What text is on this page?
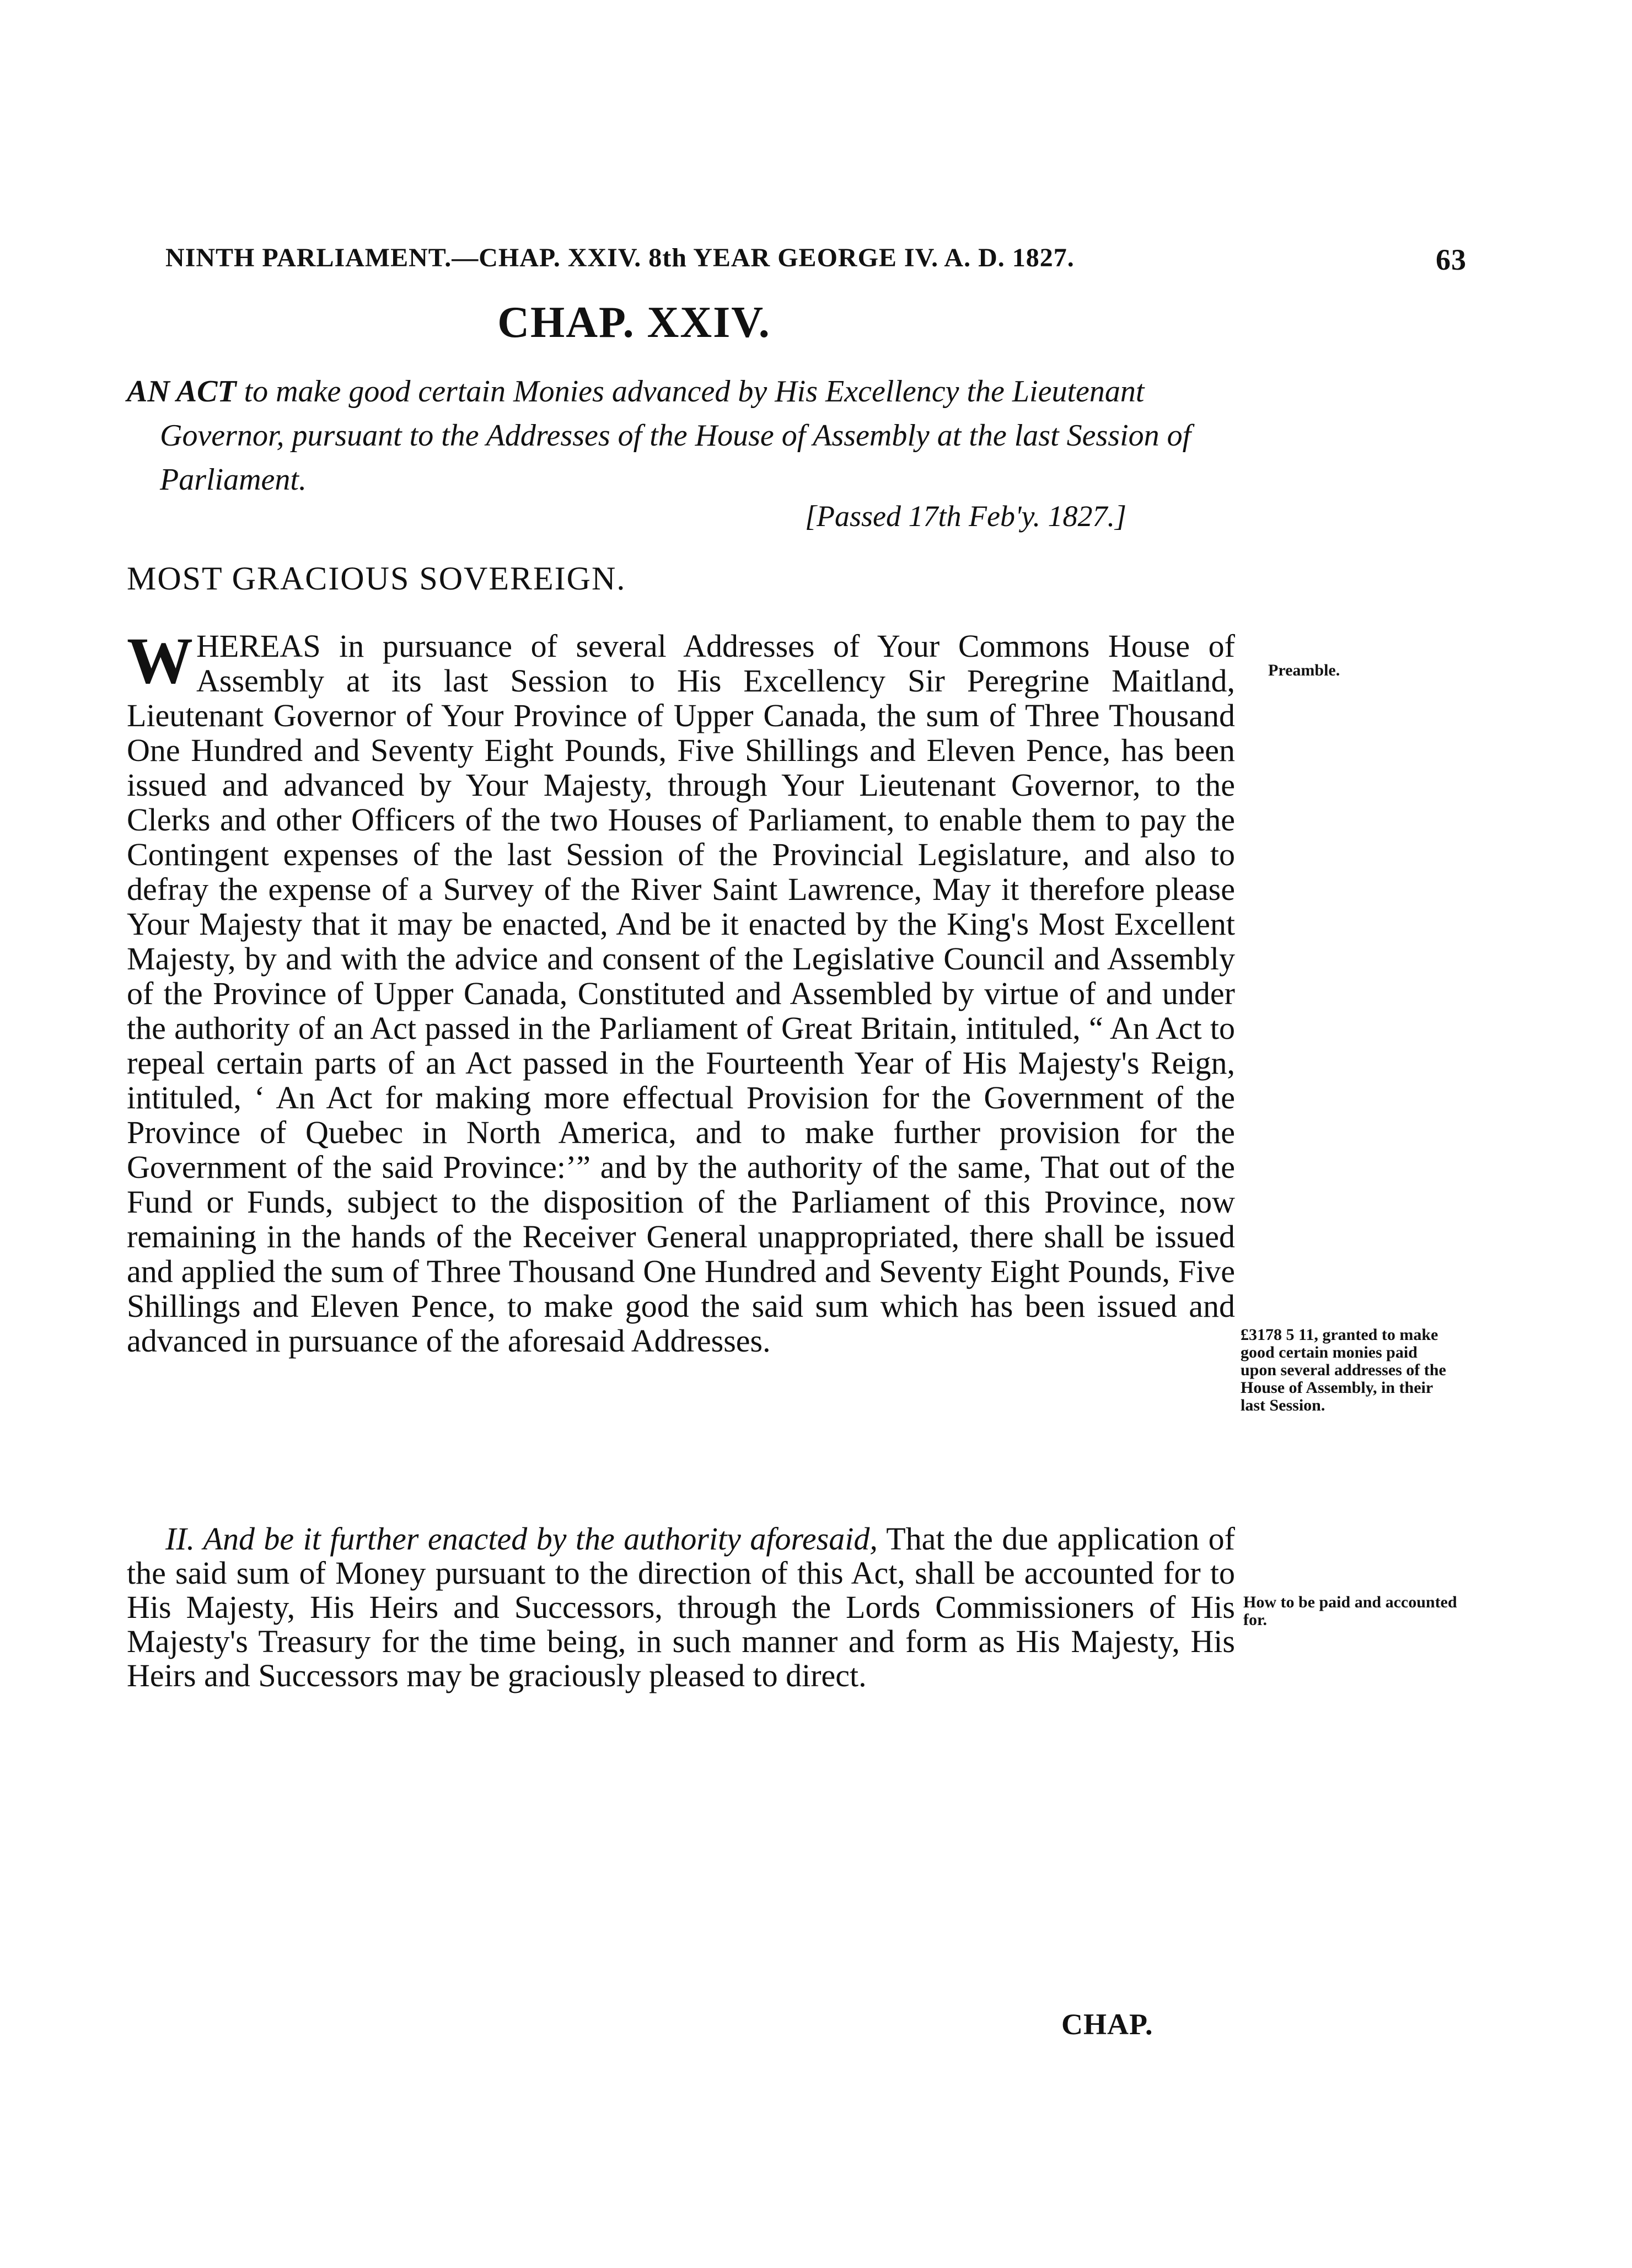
NINTH PARLIAMENT.—CHAP. XXIV. 8th YEAR GEORGE IV. A. D. 1827.	63
CHAP. XXIV.
AN ACT to make good certain Monies advanced by His Excellency the Lieutenant Governor, pursuant to the Addresses of the House of Assembly at the last Session of Parliament.
[Passed 17th Feb'y. 1827.]
MOST GRACIOUS SOVEREIGN.
WHEREAS in pursuance of several Addresses of Your Commons House of Assembly at its last Session to His Excellency Sir Peregrine Maitland, Lieutenant Governor of Your Province of Upper Canada, the sum of Three Thousand One Hundred and Seventy Eight Pounds, Five Shillings and Eleven Pence, has been issued and advanced by Your Majesty, through Your Lieutenant Governor, to the Clerks and other Officers of the two Houses of Parliament, to enable them to pay the Contingent expenses of the last Session of the Provincial Legislature, and also to defray the expense of a Survey of the River Saint Lawrence, May it therefore please Your Majesty that it may be enacted, And be it enacted by the King's Most Excellent Majesty, by and with the advice and consent of the Legislative Council and Assembly of the Province of Upper Canada, Constituted and Assembled by virtue of and under the authority of an Act passed in the Parliament of Great Britain, intituled, “ An Act to repeal certain parts of an Act passed in the Fourteenth Year of His Majesty's Reign, intituled, ‘ An Act for making more effectual Provision for the Government of the Province of Quebec in North America, and to make further provision for the Government of the said Province:’” and by the authority of the same, That out of the Fund or Funds, subject to the disposition of the Parliament of this Province, now remaining in the hands of the Receiver General unappropriated, there shall be issued and applied the sum of Three Thousand One Hundred and Seventy Eight Pounds, Five Shillings and Eleven Pence, to make good the said sum which has been issued and advanced in pursuance of the aforesaid Addresses.
II. And be it further enacted by the authority aforesaid, That the due application of the said sum of Money pursuant to the direction of this Act, shall be accounted for to His Majesty, His Heirs and Successors, through the Lords Commissioners of His Majesty's Treasury for the time being, in such manner and form as His Majesty, His Heirs and Successors may be graciously pleased to direct.
Preamble.
£3178 5 11, granted to make good certain monies paid upon several addresses of the House of Assembly, in their last Session.
How to be paid and accounted for.
CHAP.
